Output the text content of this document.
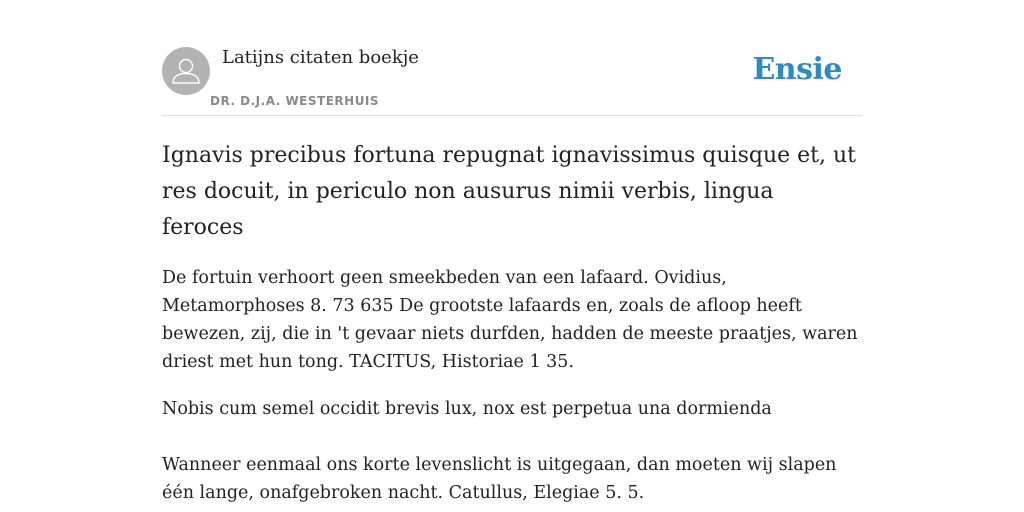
Latijns citaten boekje
DR. D.J.A. WESTERHUIS
Ensie
Ignavis precibus fortuna repugnat ignavissimus quisque et, ut res docuit, in periculo non ausurus nimii verbis, lingua feroces

De fortuin verhoort geen smeekbeden van een lafaard. Ovidius, Metamorphoses 8. 73 635 De grootste lafaards en, zoals de afloop heeft bewezen, zij, die in 't gevaar niets durfden, hadden de meeste praatjes, waren driest met hun tong. TACITUS, Historiae 1 35.

Nobis cum semel occidit brevis lux, nox est perpetua una dormienda

Wanneer eenmaal ons korte levenslicht is uitgegaan, dan moeten wij slapen één lange, onafgebroken nacht. Catullus, Elegiae 5. 5.
